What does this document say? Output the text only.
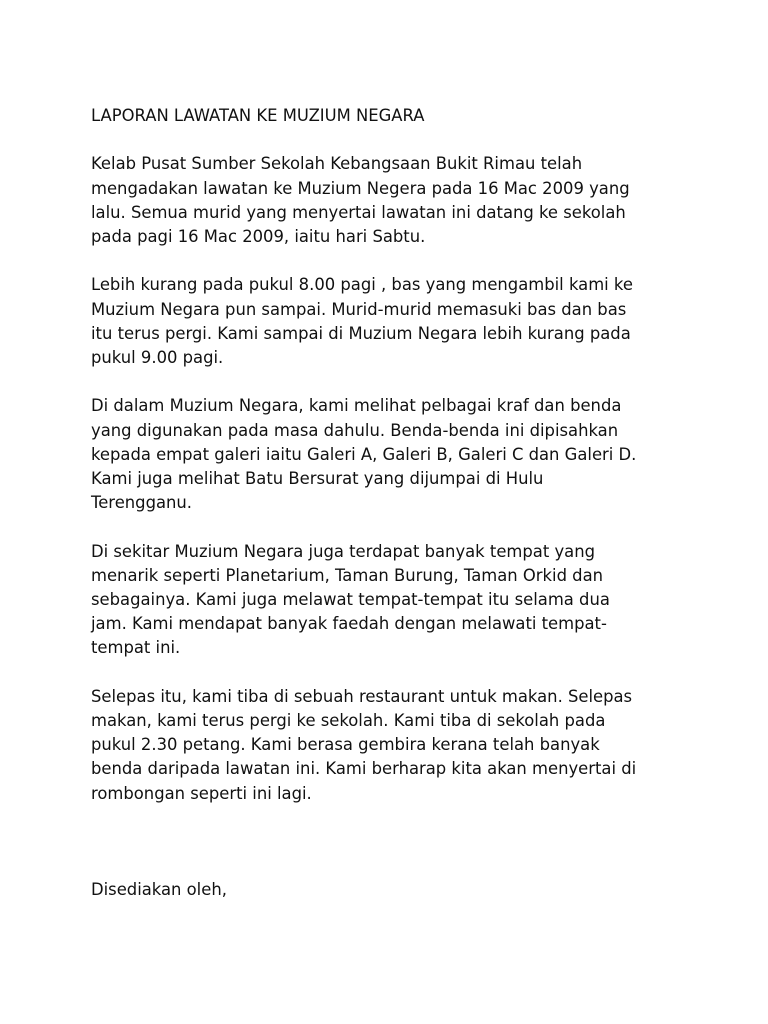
LAPORAN LAWATAN KE MUZIUM NEGARA

Kelab Pusat Sumber Sekolah Kebangsaan Bukit Rimau telah
mengadakan lawatan ke Muzium Negera pada 16 Mac 2009 yang
lalu. Semua murid yang menyertai lawatan ini datang ke sekolah
pada pagi 16 Mac 2009, iaitu hari Sabtu.

Lebih kurang pada pukul 8.00 pagi , bas yang mengambil kami ke
Muzium Negara pun sampai. Murid-murid memasuki bas dan bas
itu terus pergi. Kami sampai di Muzium Negara lebih kurang pada
pukul 9.00 pagi.

Di dalam Muzium Negara, kami melihat pelbagai kraf dan benda
yang digunakan pada masa dahulu. Benda-benda ini dipisahkan
kepada empat galeri iaitu Galeri A, Galeri B, Galeri C dan Galeri D.
Kami juga melihat Batu Bersurat yang dijumpai di Hulu
Terengganu.

Di sekitar Muzium Negara juga terdapat banyak tempat yang
menarik seperti Planetarium, Taman Burung, Taman Orkid dan
sebagainya. Kami juga melawat tempat-tempat itu selama dua
jam. Kami mendapat banyak faedah dengan melawati tempat-
tempat ini.

Selepas itu, kami tiba di sebuah restaurant untuk makan. Selepas
makan, kami terus pergi ke sekolah. Kami tiba di sekolah pada
pukul 2.30 petang. Kami berasa gembira kerana telah banyak
benda daripada lawatan ini. Kami berharap kita akan menyertai di
rombongan seperti ini lagi.

Disediakan oleh,
